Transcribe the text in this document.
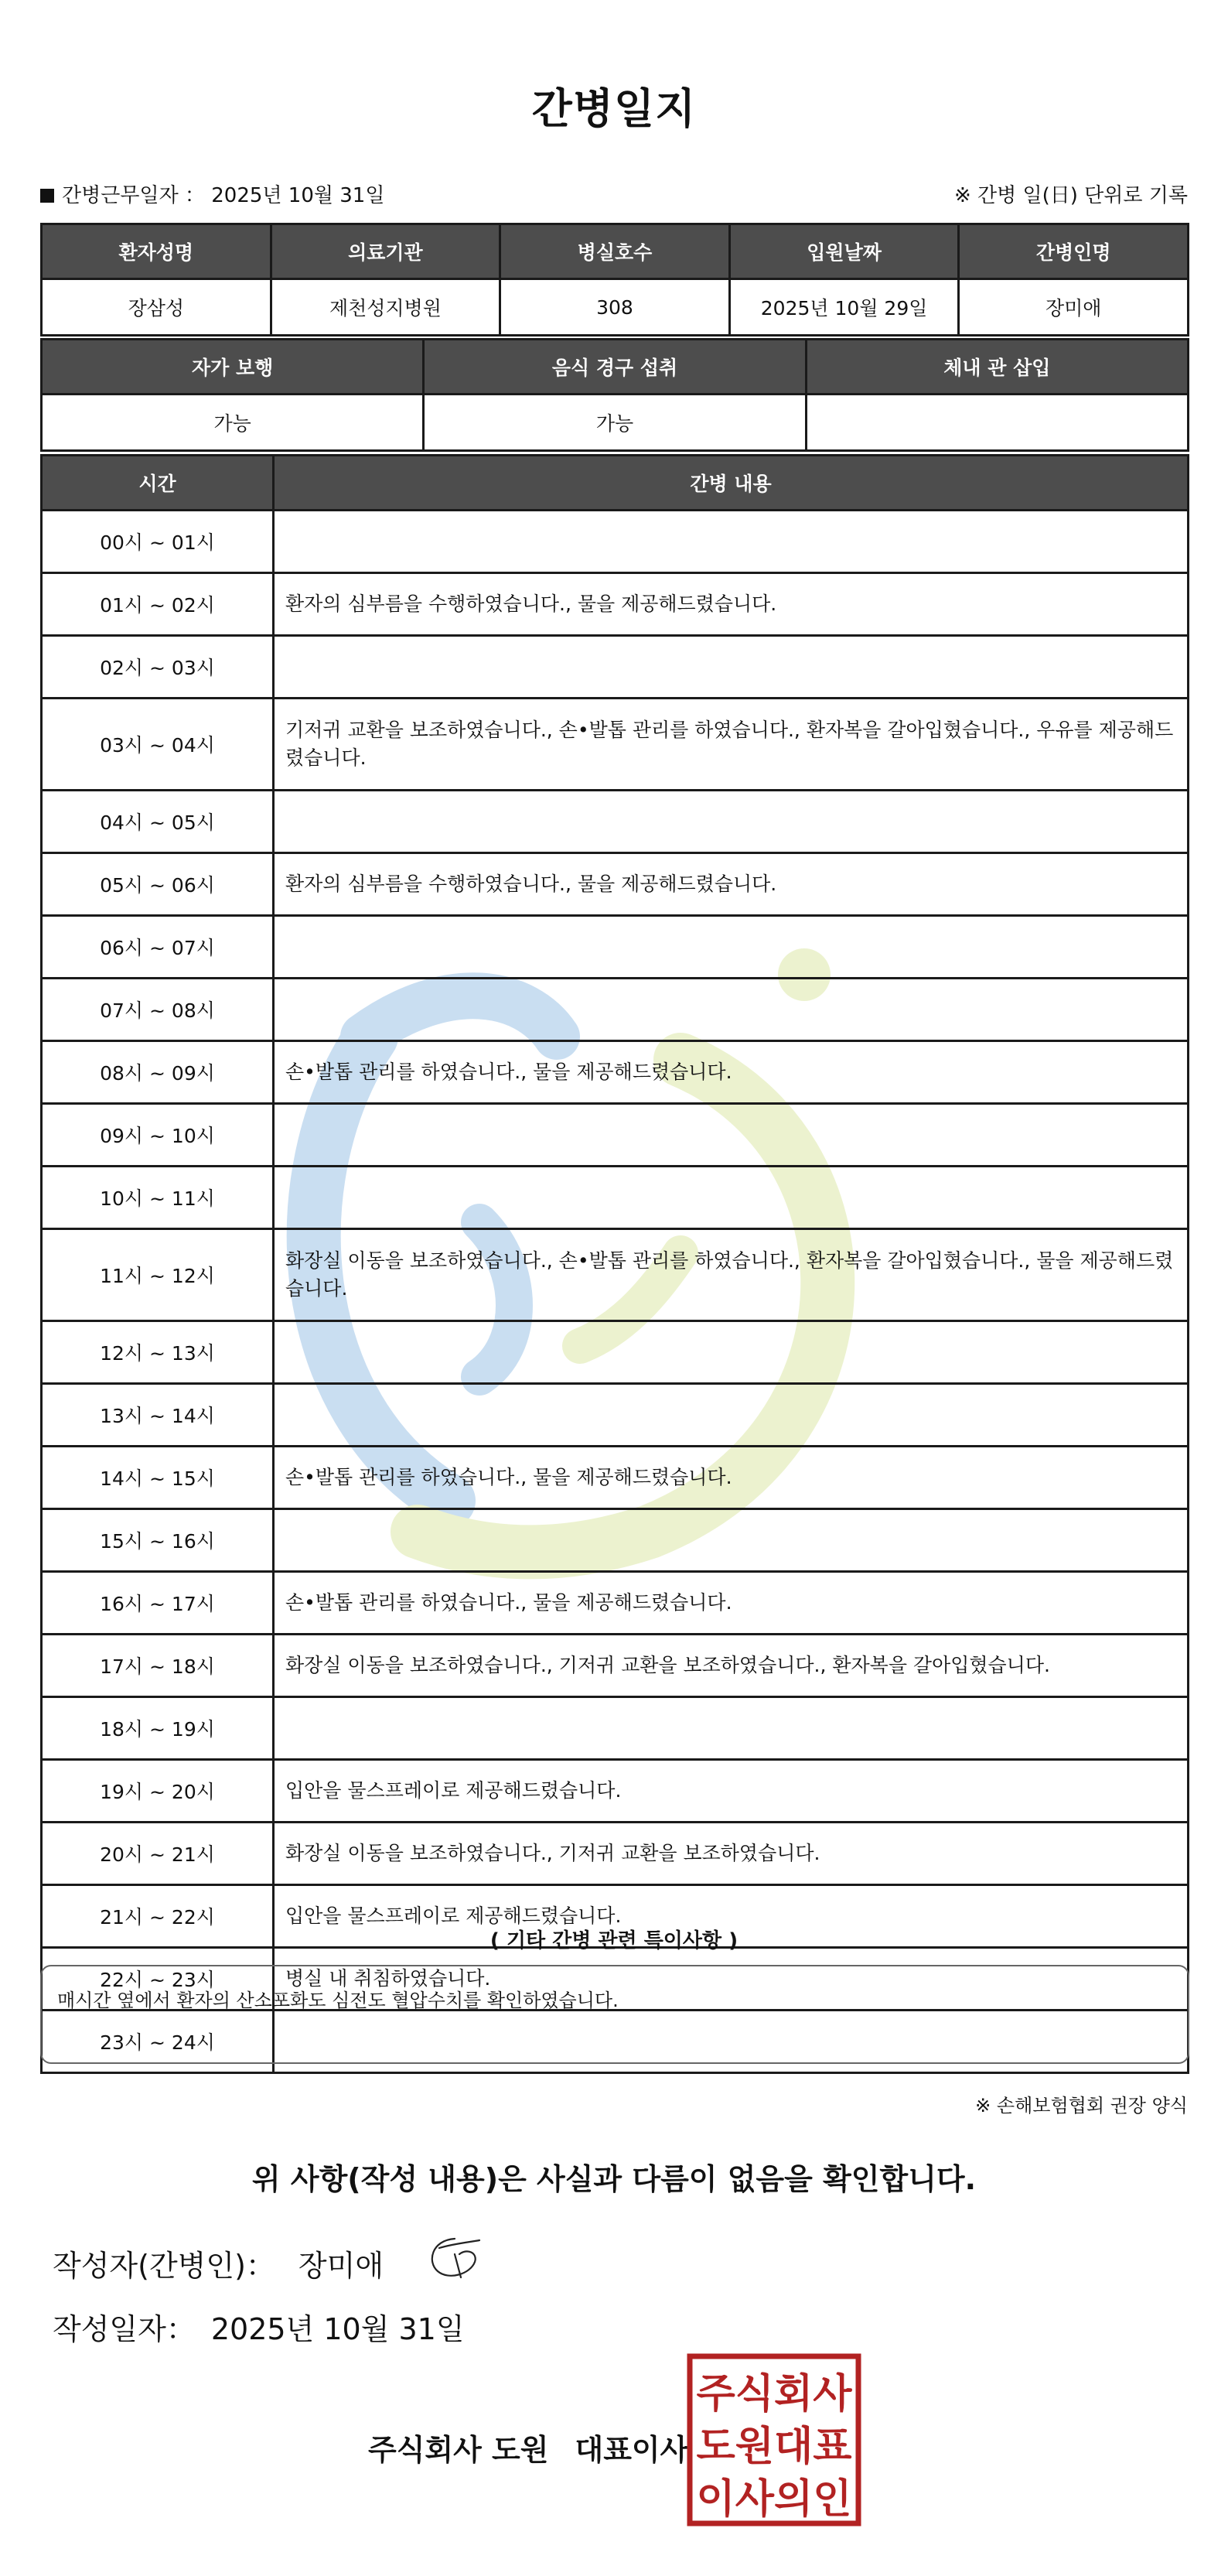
간병일지
간병근무일자 ： 2025년 10월 31일	※ 간병 일(日) 단위로 기록
환자성명	의료기관	병실호수	입원날짜	간병인명
장삼성	제천성지병원	308	2025년 10월 29일	장미애
자가 보행	음식 경구 섭취	체내 관 삽입
가능	가능	
시간	간병 내용
00시 ~ 01시	
01시 ~ 02시	환자의 심부름을 수행하였습니다., 물을 제공해드렸습니다.
02시 ~ 03시	
03시 ~ 04시	기저귀 교환을 보조하였습니다., 손•발톱 관리를 하였습니다., 환자복을 갈아입혔습니다., 우유를 제공해드렸습니다.
04시 ~ 05시	
05시 ~ 06시	환자의 심부름을 수행하였습니다., 물을 제공해드렸습니다.
06시 ~ 07시	
07시 ~ 08시	
08시 ~ 09시	손•발톱 관리를 하였습니다., 물을 제공해드렸습니다.
09시 ~ 10시	
10시 ~ 11시	
11시 ~ 12시	화장실 이동을 보조하였습니다., 손•발톱 관리를 하였습니다., 환자복을 갈아입혔습니다., 물을 제공해드렸습니다.
12시 ~ 13시	
13시 ~ 14시	
14시 ~ 15시	손•발톱 관리를 하였습니다., 물을 제공해드렸습니다.
15시 ~ 16시	
16시 ~ 17시	손•발톱 관리를 하였습니다., 물을 제공해드렸습니다.
17시 ~ 18시	화장실 이동을 보조하였습니다., 기저귀 교환을 보조하였습니다., 환자복을 갈아입혔습니다.
18시 ~ 19시	
19시 ~ 20시	입안을 물스프레이로 제공해드렸습니다.
20시 ~ 21시	화장실 이동을 보조하였습니다., 기저귀 교환을 보조하였습니다.
21시 ~ 22시	입안을 물스프레이로 제공해드렸습니다.
22시 ~ 23시	병실 내 취침하였습니다.
23시 ~ 24시	
( 기타 간병 관련 특이사항 )
매시간 옆에서 환자의 산소포화도 심전도 혈압수치를 확인하였습니다.
※ 손해보험협회 권장 양식
위 사항(작성 내용)은 사실과 다름이 없음을 확인합니다.
작성자(간병인)： 장미애
작성일자： 2025년 10월 31일
주식회사 도원 대표이사
주식회사
도원대표
이사의인
